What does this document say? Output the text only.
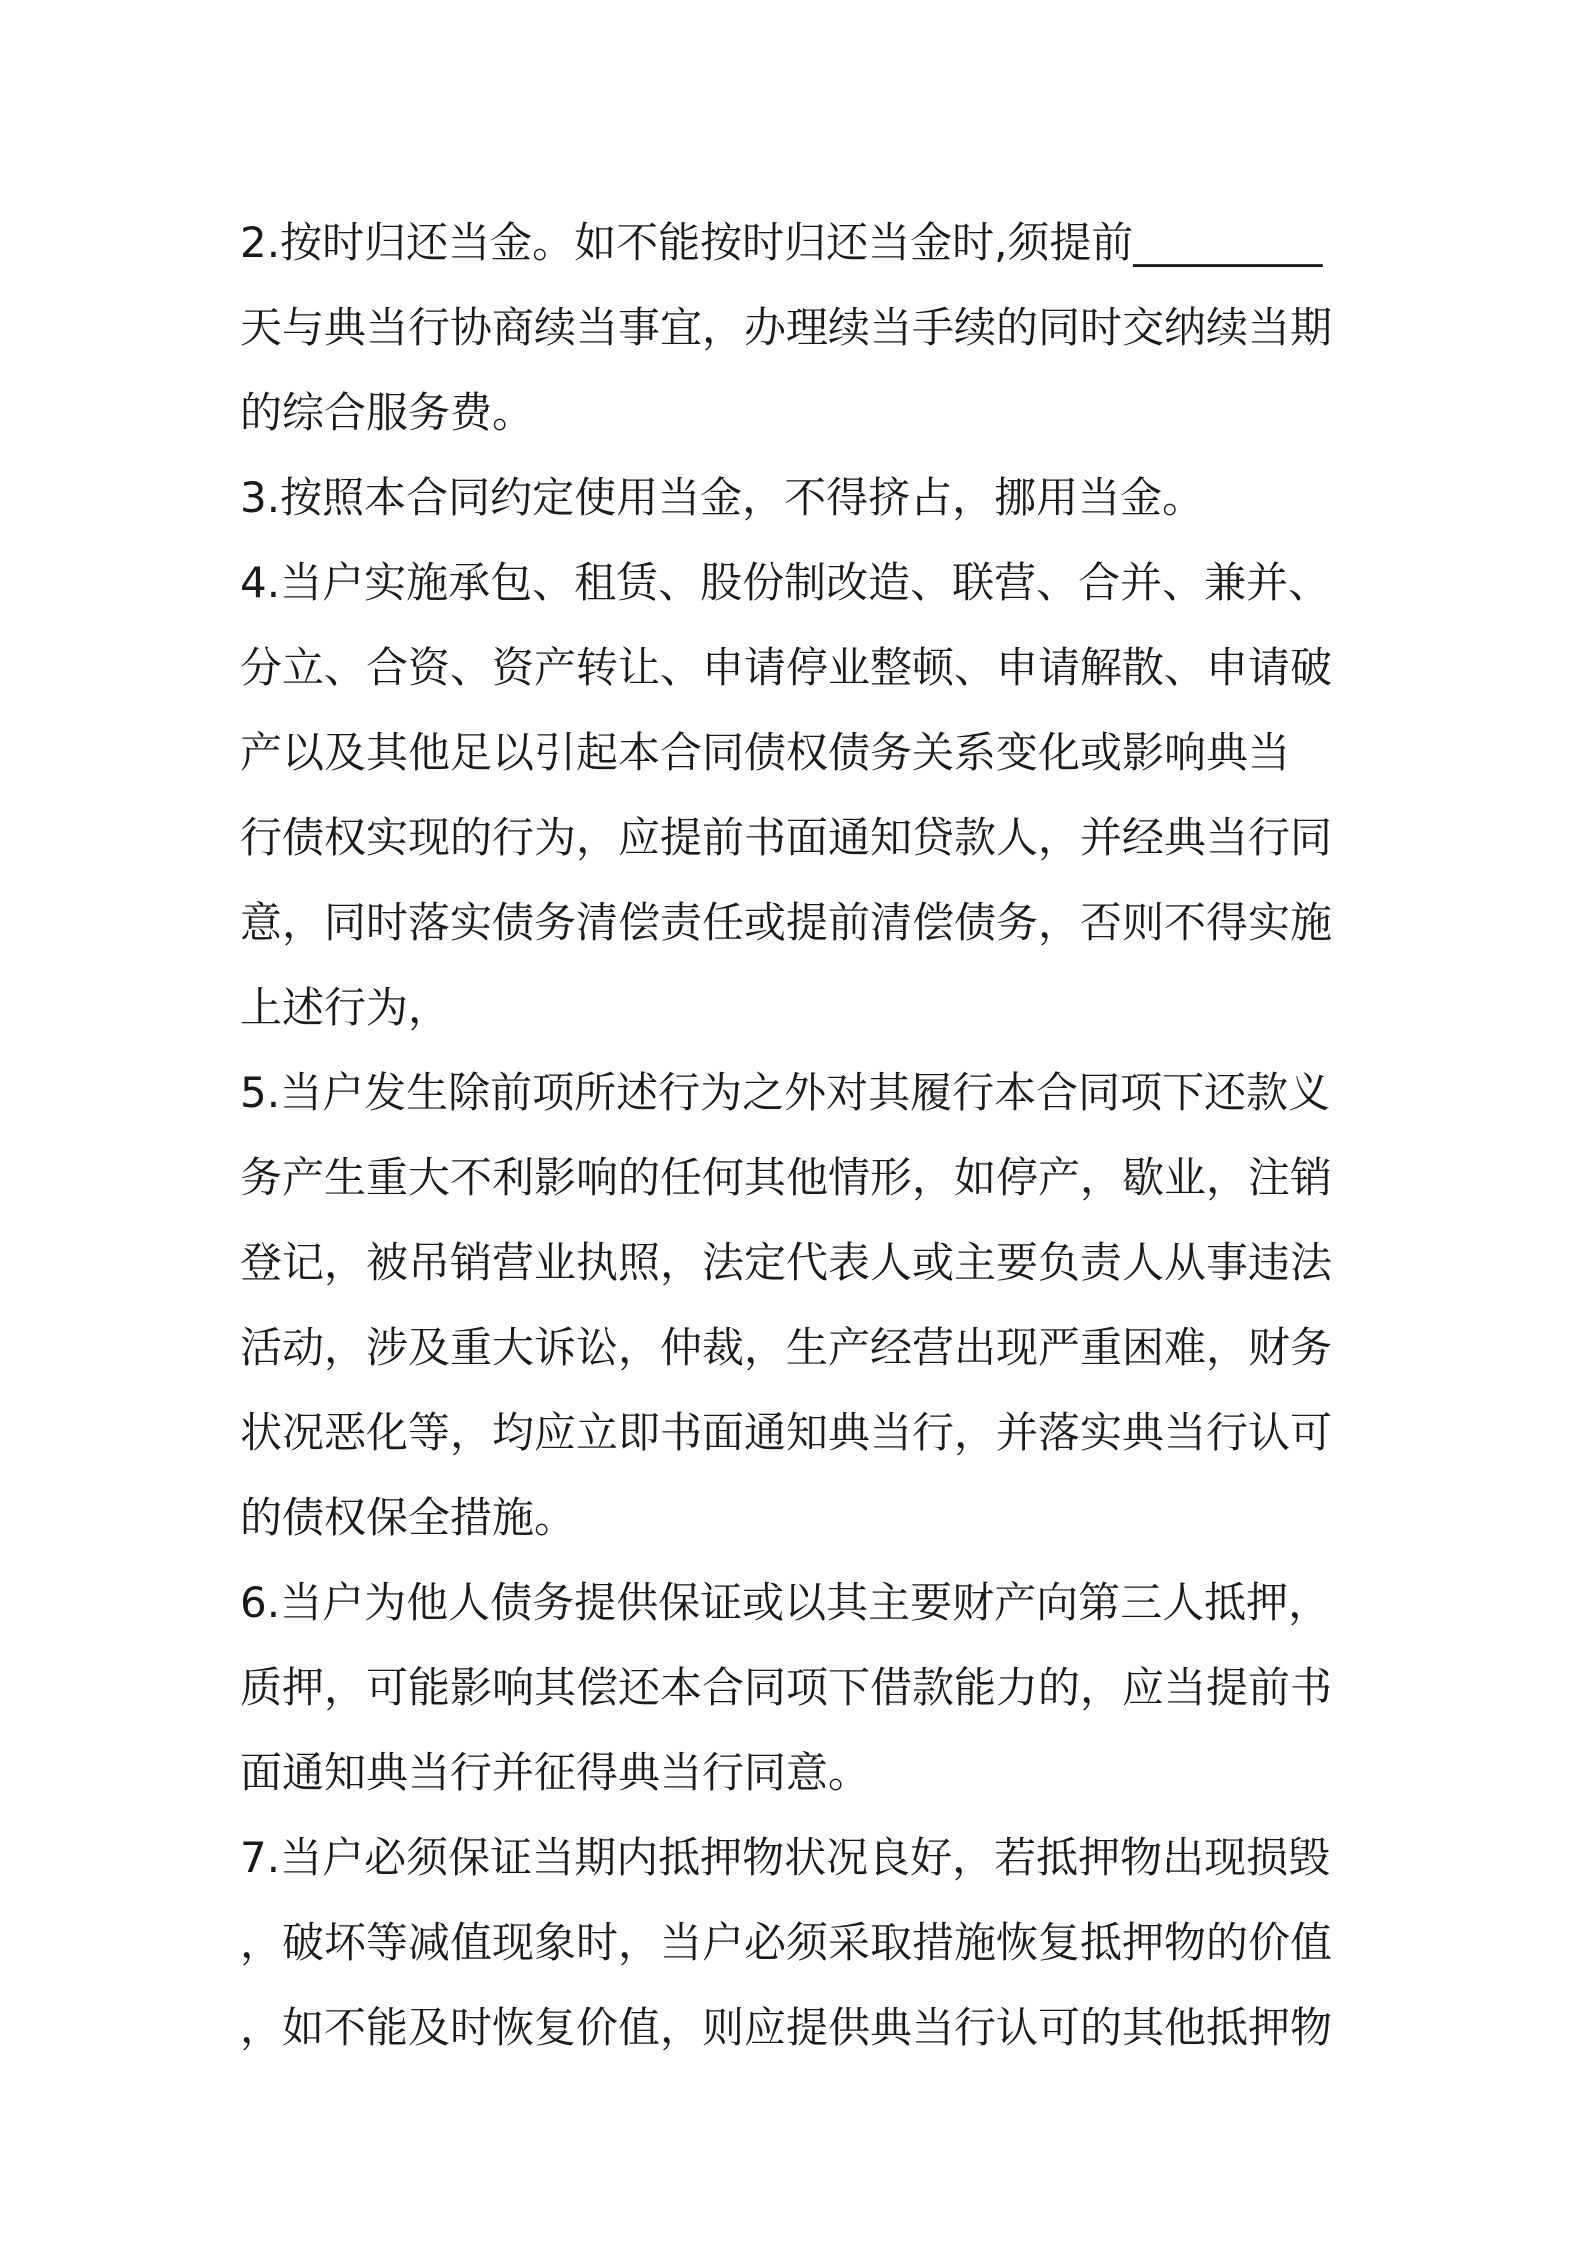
2.按时归还当金。如不能按时归还当金时,须提前_________
天与典当行协商续当事宜，办理续当手续的同时交纳续当期
的综合服务费。
3.按照本合同约定使用当金，不得挤占，挪用当金。
4.当户实施承包、租赁、股份制改造、联营、合并、兼并、
分立、合资、资产转让、申请停业整顿、申请解散、申请破
产以及其他足以引起本合同债权债务关系变化或影响典当
行债权实现的行为，应提前书面通知贷款人，并经典当行同
意，同时落实债务清偿责任或提前清偿债务，否则不得实施
上述行为，
5.当户发生除前项所述行为之外对其履行本合同项下还款义
务产生重大不利影响的任何其他情形，如停产，歇业，注销
登记，被吊销营业执照，法定代表人或主要负责人从事违法
活动，涉及重大诉讼，仲裁，生产经营出现严重困难，财务
状况恶化等，均应立即书面通知典当行，并落实典当行认可
的债权保全措施。
6.当户为他人债务提供保证或以其主要财产向第三人抵押，
质押，可能影响其偿还本合同项下借款能力的，应当提前书
面通知典当行并征得典当行同意。
7.当户必须保证当期内抵押物状况良好，若抵押物出现损毁
，破坏等减值现象时，当户必须采取措施恢复抵押物的价值
，如不能及时恢复价值，则应提供典当行认可的其他抵押物
